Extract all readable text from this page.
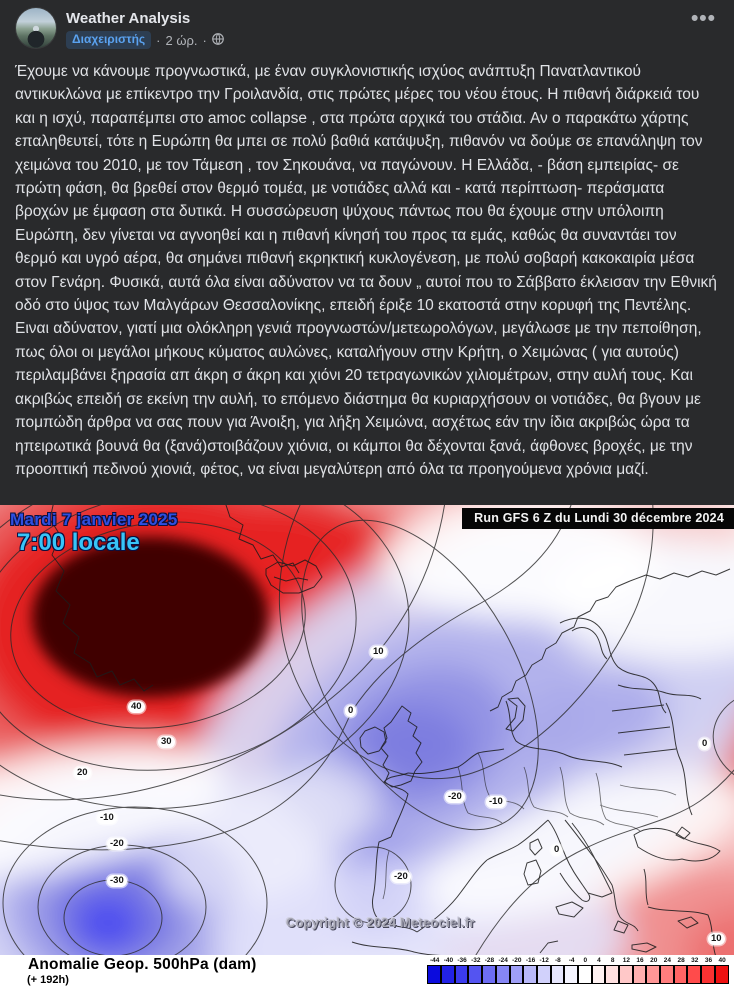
Weather Analysis
Διαχειριστής · 2 ώρ. ·
•••
Έχουμε να κάνουμε προγνωστικά, με έναν συγκλονιστικής ισχύος ανάπτυξη Πανατλαντικού αντικυκλώνα με επίκεντρο την Γροιλανδία, στις πρώτες μέρες του νέου έτους. Η πιθανή διάρκειά του και η ισχύ, παραπέμπει στο amoc collapse , στα πρώτα αρχικά του στάδια. Αν ο παρακάτω χάρτης επαληθευτεί, τότε η Ευρώπη θα μπει σε πολύ βαθιά κατάψυξη, πιθανόν να δούμε σε επανάληψη τον χειμώνα του 2010, με τον Τάμεση , τον Σηκουάνα, να παγώνουν. Η Ελλάδα, - βάση εμπειρίας- σε πρώτη φάση, θα βρεθεί στον θερμό τομέα, με νοτιάδες αλλά και - κατά περίπτωση- περάσματα βροχών με έμφαση στα δυτικά. Η συσσώρευση ψύχους πάντως που θα έχουμε στην υπόλοιπη Ευρώπη, δεν γίνεται να αγνοηθεί και η πιθανή κίνησή του προς τα εμάς, καθώς θα συναντάει τον θερμό και υγρό αέρα, θα σημάνει πιθανή εκρηκτική κυκλογένεση, με πολύ σοβαρή κακοκαιρία μέσα στον Γενάρη. Φυσικά, αυτά όλα είναι αδύνατον να τα δουν „ αυτοί που το Σάββατο έκλεισαν την Εθνική οδό στο ύψος των Μαλγάρων Θεσσαλονίκης, επειδή έριξε 10 εκατοστά στην κορυφή της Πεντέλης. Ειναι αδύνατον, γιατί μια ολόκληρη γενιά προγνωστών/μετεωρολόγων, μεγάλωσε με την πεποίθηση, πως όλοι οι μεγάλοι μήκους κύματος αυλώνες, καταλήγουν στην Κρήτη, ο Χειμώνας ( για αυτούς) περιλαμβάνει ξηρασία απ άκρη σ άκρη και χιόνι 20 τετραγωνικών χιλιομέτρων, στην αυλή τους. Και ακριβώς επειδή σε εκείνη την αυλή, το επόμενο διάστημα θα κυριαρχήσουν οι νοτιάδες, θα βγουν με πομπώδη άρθρα να σας πουν για Άνοιξη, για λήξη Χειμώνα, ασχέτως εάν την ίδια ακριβώς ώρα τα ηπειρωτικά βουνά θα (ξανά)στοιβάζουν χιόνια, οι κάμποι θα δέχονται ξανά, άφθονες βροχές, με την προοπτική πεδινού χιονιά, φέτος, να είναι μεγαλύτερη από όλα τα προηγούμενα χρόνια μαζί.
Mardi 7 janvier 2025
7:00 locale
Run GFS 6 Z du Lundi 30 décembre 2024
Copyright © 2024 Meteociel.fr
40
30
20
10
0
-10
-20
-30	-20
-20	-10
0
0
10
Anomalie Geop. 500hPa (dam)
(+ 192h)
-44 -40 -36 -32 -28 -24 -20 -16 -12 -8 -4 0 4 8 12 16 20 24 28 32 36 40
